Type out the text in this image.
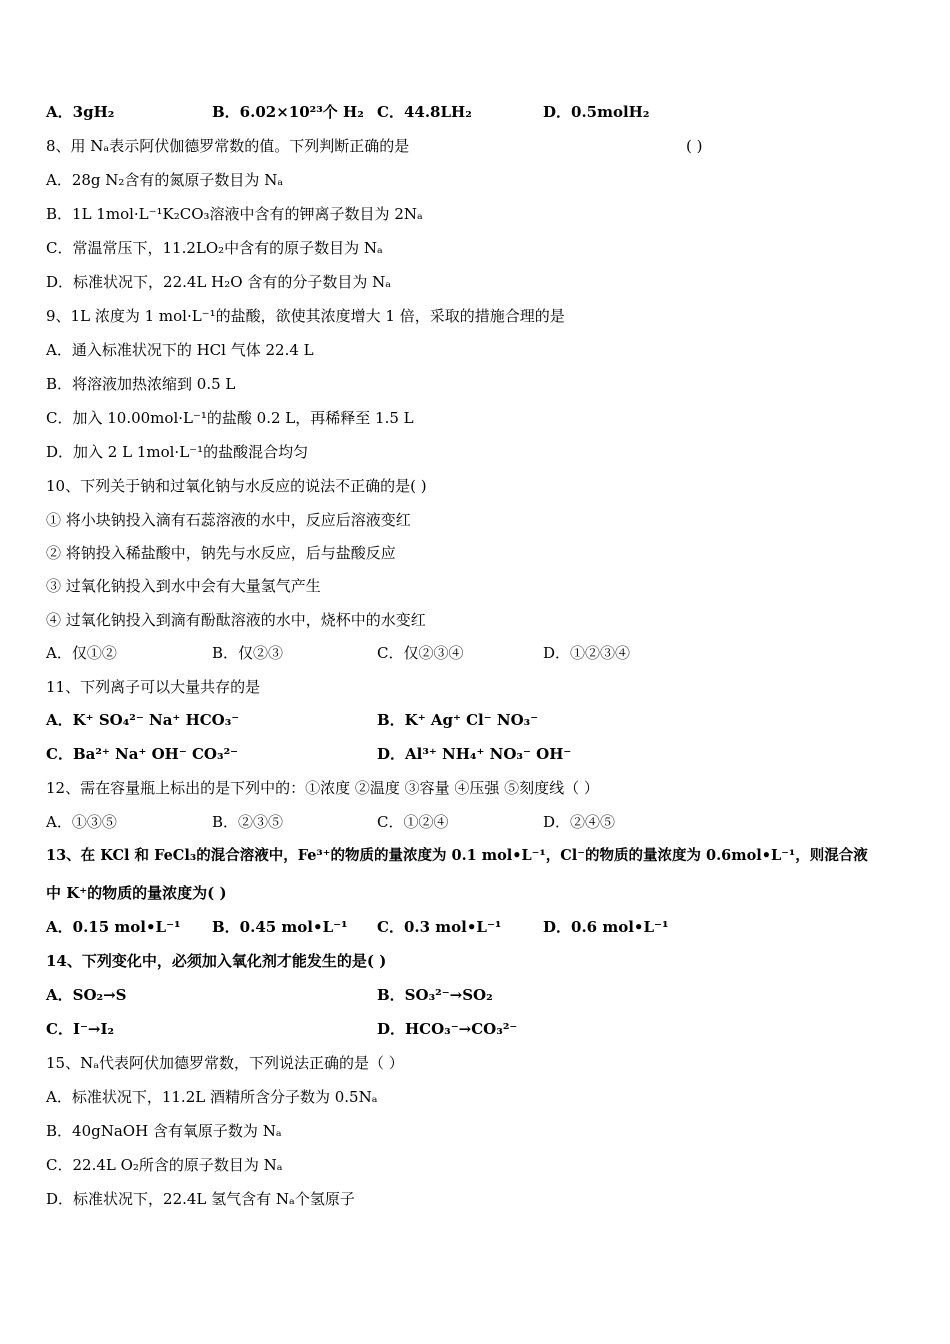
A．3gH₂	B．6.02×10²³个 H₂ C．44.8LH₂	D．0.5molH₂
8、用 Nₐ表示阿伏伽德罗常数的值。下列判断正确的是	( )
A．28g N₂含有的氮原子数目为 Nₐ
B．1L 1mol·L⁻¹K₂CO₃溶液中含有的钾离子数目为 2Nₐ
C．常温常压下，11.2LO₂中含有的原子数目为 Nₐ
D．标准状况下，22.4L H₂O 含有的分子数目为 Nₐ
9、1L 浓度为 1 mol·L⁻¹的盐酸，欲使其浓度增大 1 倍，采取的措施合理的是
A．通入标准状况下的 HCl 气体 22.4 L
B．将溶液加热浓缩到 0.5 L
C．加入 10.00mol·L⁻¹的盐酸 0.2 L，再稀释至 1.5 L
D．加入 2 L 1mol·L⁻¹的盐酸混合均匀
10、下列关于钠和过氧化钠与水反应的说法不正确的是( )
① 将小块钠投入滴有石蕊溶液的水中，反应后溶液变红
② 将钠投入稀盐酸中，钠先与水反应，后与盐酸反应
③ 过氧化钠投入到水中会有大量氢气产生
④ 过氧化钠投入到滴有酚酞溶液的水中，烧杯中的水变红
A．仅①②	B．仅②③	C．仅②③④	D．①②③④
11、下列离子可以大量共存的是
A．K⁺ SO₄²⁻ Na⁺ HCO₃⁻	B．K⁺ Ag⁺ Cl⁻ NO₃⁻
C．Ba²⁺ Na⁺ OH⁻ CO₃²⁻	D．Al³⁺ NH₄⁺ NO₃⁻ OH⁻
12、需在容量瓶上标出的是下列中的：①浓度 ②温度 ③容量 ④压强 ⑤刻度线（ ）
A．①③⑤	B．②③⑤	C．①②④	D．②④⑤
13、在 KCl 和 FeCl₃的混合溶液中，Fe³⁺的物质的量浓度为 0.1 mol•L⁻¹，Cl⁻的物质的量浓度为 0.6mol•L⁻¹，则混合液
中 K⁺的物质的量浓度为( )
A．0.15 mol•L⁻¹ B．0.45 mol•L⁻¹ C．0.3 mol•L⁻¹	D．0.6 mol•L⁻¹
14、下列变化中，必须加入氧化剂才能发生的是( )
A．SO₂→S	B．SO₃²⁻→SO₂
C．I⁻→I₂	D．HCO₃⁻→CO₃²⁻
15、Nₐ代表阿伏加德罗常数，下列说法正确的是（ ）
A．标准状况下，11.2L 酒精所含分子数为 0.5Nₐ
B．40gNaOH 含有氧原子数为 Nₐ
C．22.4L O₂所含的原子数目为 Nₐ
D．标准状况下，22.4L 氢气含有 Nₐ个氢原子
